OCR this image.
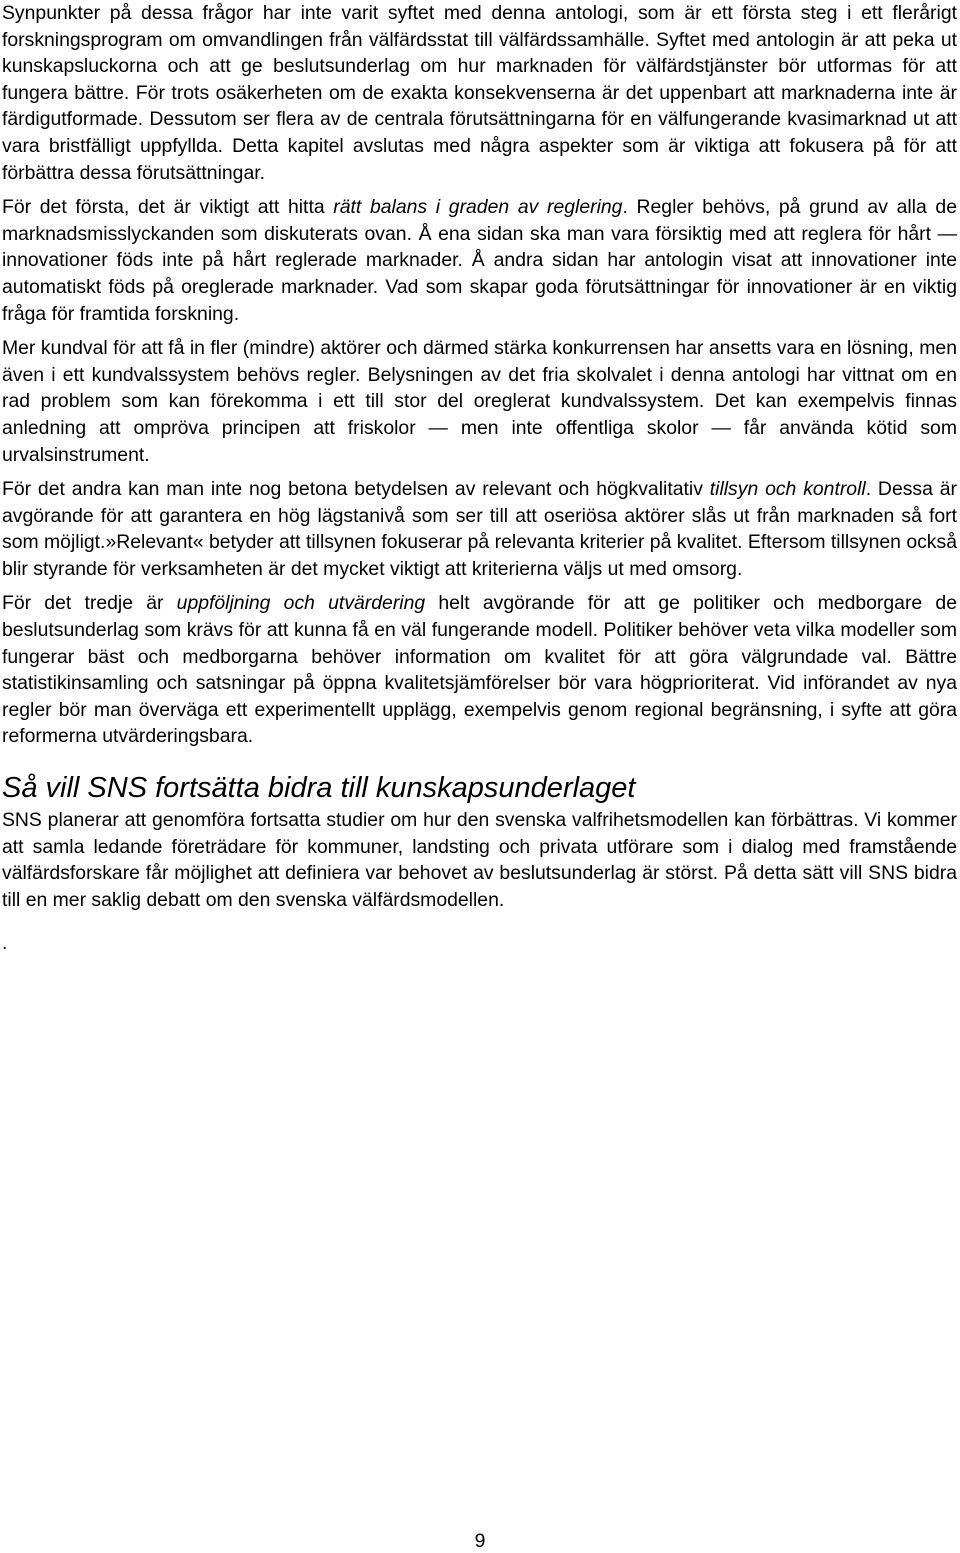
Synpunkter på dessa frågor har inte varit syftet med denna antologi, som är ett första steg i ett flerårigt forskningsprogram om omvandlingen från välfärdsstat till välfärdssamhälle. Syftet med antologin är att peka ut kunskapsluckorna och att ge beslutsunderlag om hur marknaden för välfärdstjänster bör utformas för att fungera bättre. För trots osäkerheten om de exakta konsekvenserna är det uppenbart att marknaderna inte är färdigutformade. Dessutom ser flera av de centrala förutsättningarna för en välfungerande kvasimarknad ut att vara bristfälligt uppfyllda. Detta kapitel avslutas med några aspekter som är viktiga att fokusera på för att förbättra dessa förutsättningar.

För det första, det är viktigt att hitta rätt balans i graden av reglering. Regler behövs, på grund av alla de marknadsmisslyckanden som diskuterats ovan. Å ena sidan ska man vara försiktig med att reglera för hårt — innovationer föds inte på hårt reglerade marknader. Å andra sidan har antologin visat att innovationer inte automatiskt föds på oreglerade marknader. Vad som skapar goda förutsättningar för innovationer är en viktig fråga för framtida forskning.

Mer kundval för att få in fler (mindre) aktörer och därmed stärka konkurrensen har ansetts vara en lösning, men även i ett kundvalssystem behövs regler. Belysningen av det fria skolvalet i denna antologi har vittnat om en rad problem som kan förekomma i ett till stor del oreglerat kundvalssystem. Det kan exempelvis finnas anledning att ompröva principen att friskolor — men inte offentliga skolor — får använda kötid som urvalsinstrument.

För det andra kan man inte nog betona betydelsen av relevant och högkvalitativ tillsyn och kontroll. Dessa är avgörande för att garantera en hög lägstanivå som ser till att oseriösa aktörer slås ut från marknaden så fort som möjligt.»Relevant« betyder att tillsynen fokuserar på relevanta kriterier på kvalitet. Eftersom tillsynen också blir styrande för verksamheten är det mycket viktigt att kriterierna väljs ut med omsorg.

För det tredje är uppföljning och utvärdering helt avgörande för att ge politiker och medborgare de beslutsunderlag som krävs för att kunna få en väl fungerande modell. Politiker behöver veta vilka modeller som fungerar bäst och medborgarna behöver information om kvalitet för att göra välgrundade val. Bättre statistikinsamling och satsningar på öppna kvalitetsjämförelser bör vara högprioriterat. Vid införandet av nya regler bör man överväga ett experimentellt upplägg, exempelvis genom regional begränsning, i syfte att göra reformerna utvärderingsbara.

Så vill SNS fortsätta bidra till kunskapsunderlaget

SNS planerar att genomföra fortsatta studier om hur den svenska valfrihetsmodellen kan förbättras. Vi kommer att samla ledande företrädare för kommuner, landsting och privata utförare som i dialog med framstående välfärdsforskare får möjlighet att definiera var behovet av beslutsunderlag är störst. På detta sätt vill SNS bidra till en mer saklig debatt om den svenska välfärdsmodellen.

.
9
